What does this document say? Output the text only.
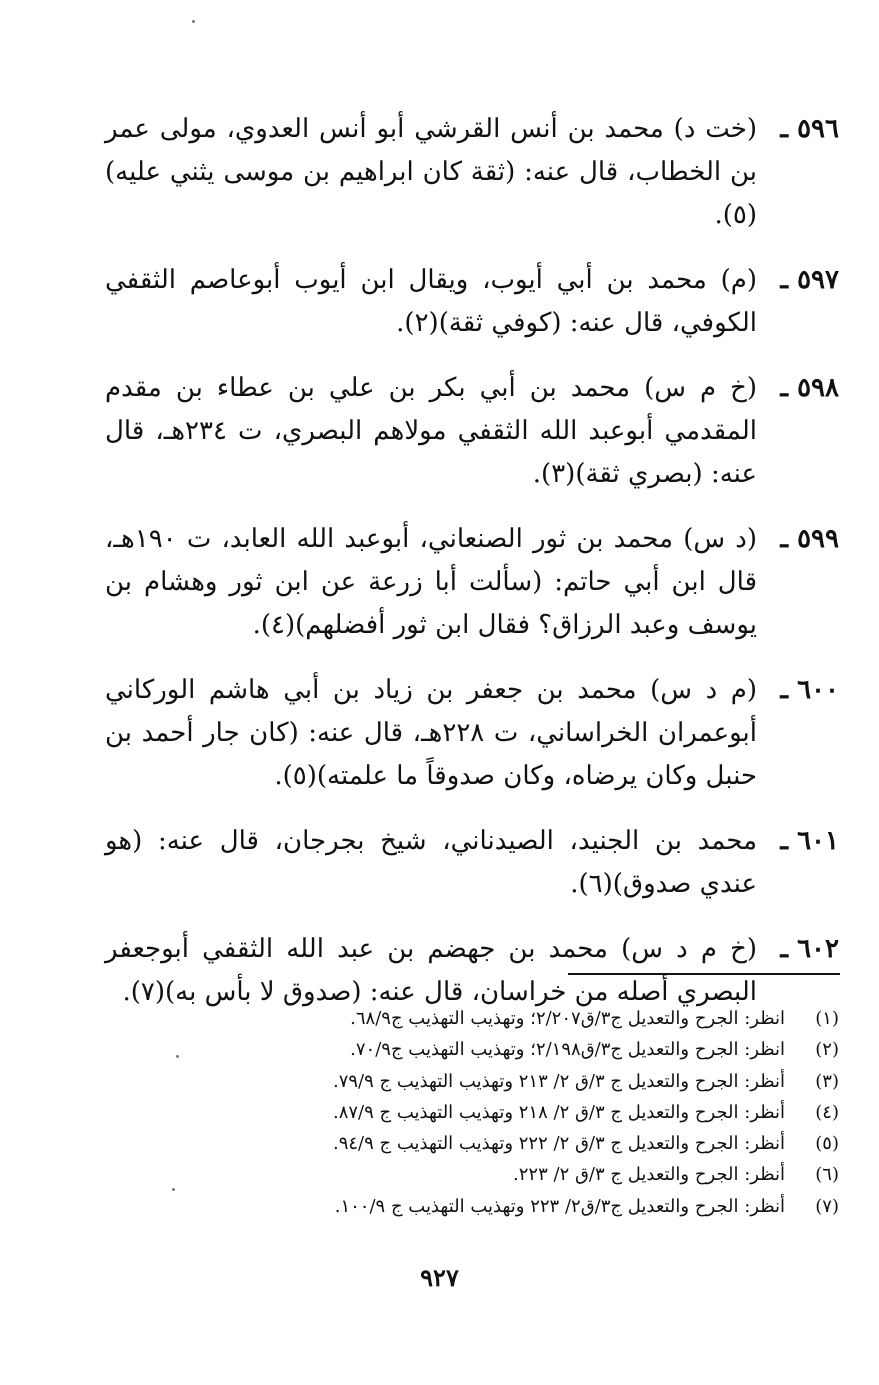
٥٩٦ ـ
(خت د) محمد بن أنس القرشي أبو أنس العدوي، مولى عمر بن الخطاب، قال عنه: (ثقة كان ابراهيم بن موسى يثني عليه)(٥).
٥٩٧ ـ
(م) محمد بن أبي أيوب، ويقال ابن أيوب أبوعاصم الثقفي الكوفي، قال عنه: (كوفي ثقة)(٢).
٥٩٨ ـ
(خ م س) محمد بن أبي بكر بن علي بن عطاء بن مقدم المقدمي أبوعبد الله الثقفي مولاهم البصري، ت ٢٣٤هـ، قال عنه: (بصري ثقة)(٣).
٥٩٩ ـ
(د س) محمد بن ثور الصنعاني، أبوعبد الله العابد، ت ١٩٠هـ، قال ابن أبي حاتم: (سألت أبا زرعة عن ابن ثور وهشام بن يوسف وعبد الرزاق؟ فقال ابن ثور أفضلهم)(٤).
٦٠٠ ـ
(م د س) محمد بن جعفر بن زياد بن أبي هاشم الوركاني أبوعمران الخراساني، ت ٢٢٨هـ، قال عنه: (كان جار أحمد بن حنبل وكان يرضاه، وكان صدوقاً ما علمته)(٥).
٦٠١ ـ
محمد بن الجنيد، الصيدناني، شيخ بجرجان، قال عنه: (هو عندي صدوق)(٦).
٦٠٢ ـ
(خ م د س) محمد بن جهضم بن عبد الله الثقفي أبوجعفر البصري أصله من خراسان، قال عنه: (صدوق لا بأس به)(٧).
(١)
انظر: الجرح والتعديل ج٣/ق٢/٢٠٧؛ وتهذيب التهذيب ج٦٨/٩.
(٢)
انظر: الجرح والتعديل ج٣/ق٢/١٩٨؛ وتهذيب التهذيب ج٧٠/٩.
(٣)
أنظر: الجرح والتعديل ج ٣/ق ٢/ ٢١٣ وتهذيب التهذيب ج ٧٩/٩.
(٤)
أنظر: الجرح والتعديل ج ٣/ق ٢/ ٢١٨ وتهذيب التهذيب ج ٨٧/٩.
(٥)
أنظر: الجرح والتعديل ج ٣/ق ٢/ ٢٢٢ وتهذيب التهذيب ج ٩٤/٩.
(٦)
أنظر: الجرح والتعديل ج ٣/ق ٢/ ٢٢٣.
(٧)
أنظر: الجرح والتعديل ج٣/ق٢/ ٢٢٣ وتهذيب التهذيب ج ١٠٠/٩.
٩٢٧
